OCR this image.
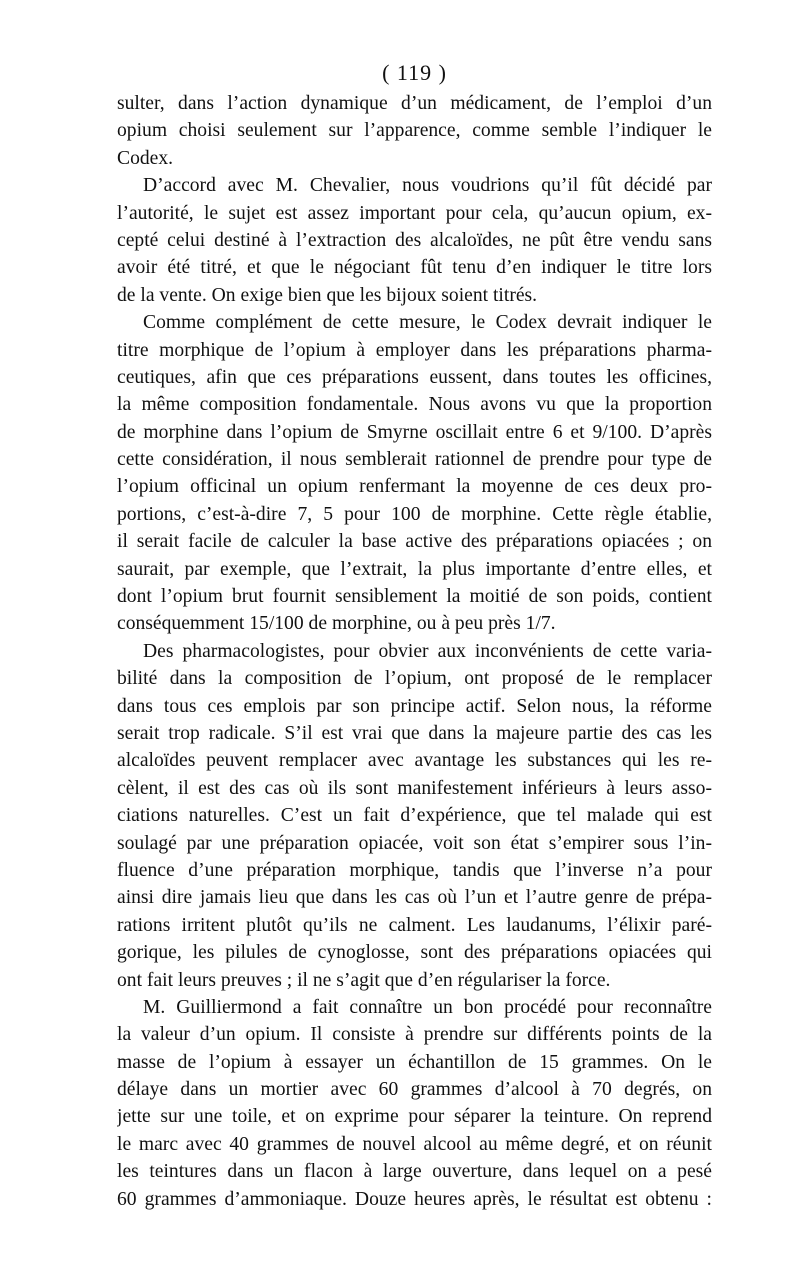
( 119 )
sulter, dans l’action dynamique d’un médicament, de l’emploi d’un
opium choisi seulement sur l’apparence, comme semble l’indiquer le
Codex.
D’accord avec M. Chevalier, nous voudrions qu’il fût décidé par
l’autorité, le sujet est assez important pour cela, qu’aucun opium, ex-
cepté celui destiné à l’extraction des alcaloïdes, ne pût être vendu sans
avoir été titré, et que le négociant fût tenu d’en indiquer le titre lors
de la vente. On exige bien que les bijoux soient titrés.
Comme complément de cette mesure, le Codex devrait indiquer le
titre morphique de l’opium à employer dans les préparations pharma-
ceutiques, afin que ces préparations eussent, dans toutes les officines,
la même composition fondamentale. Nous avons vu que la proportion
de morphine dans l’opium de Smyrne oscillait entre 6 et 9/100. D’après
cette considération, il nous semblerait rationnel de prendre pour type de
l’opium officinal un opium renfermant la moyenne de ces deux pro-
portions, c’est-à-dire 7, 5 pour 100 de morphine. Cette règle établie,
il serait facile de calculer la base active des préparations opiacées ; on
saurait, par exemple, que l’extrait, la plus importante d’entre elles, et
dont l’opium brut fournit sensiblement la moitié de son poids, contient
conséquemment 15/100 de morphine, ou à peu près 1/7.
Des pharmacologistes, pour obvier aux inconvénients de cette varia-
bilité dans la composition de l’opium, ont proposé de le remplacer
dans tous ces emplois par son principe actif. Selon nous, la réforme
serait trop radicale. S’il est vrai que dans la majeure partie des cas les
alcaloïdes peuvent remplacer avec avantage les substances qui les re-
cèlent, il est des cas où ils sont manifestement inférieurs à leurs asso-
ciations naturelles. C’est un fait d’expérience, que tel malade qui est
soulagé par une préparation opiacée, voit son état s’empirer sous l’in-
fluence d’une préparation morphique, tandis que l’inverse n’a pour
ainsi dire jamais lieu que dans les cas où l’un et l’autre genre de prépa-
rations irritent plutôt qu’ils ne calment. Les laudanums, l’élixir paré-
gorique, les pilules de cynoglosse, sont des préparations opiacées qui
ont fait leurs preuves ; il ne s’agit que d’en régulariser la force.
M. Guilliermond a fait connaître un bon procédé pour reconnaître
la valeur d’un opium. Il consiste à prendre sur différents points de la
masse de l’opium à essayer un échantillon de 15 grammes. On le
délaye dans un mortier avec 60 grammes d’alcool à 70 degrés, on
jette sur une toile, et on exprime pour séparer la teinture. On reprend
le marc avec 40 grammes de nouvel alcool au même degré, et on réunit
les teintures dans un flacon à large ouverture, dans lequel on a pesé
60 grammes d’ammoniaque. Douze heures après, le résultat est obtenu :
